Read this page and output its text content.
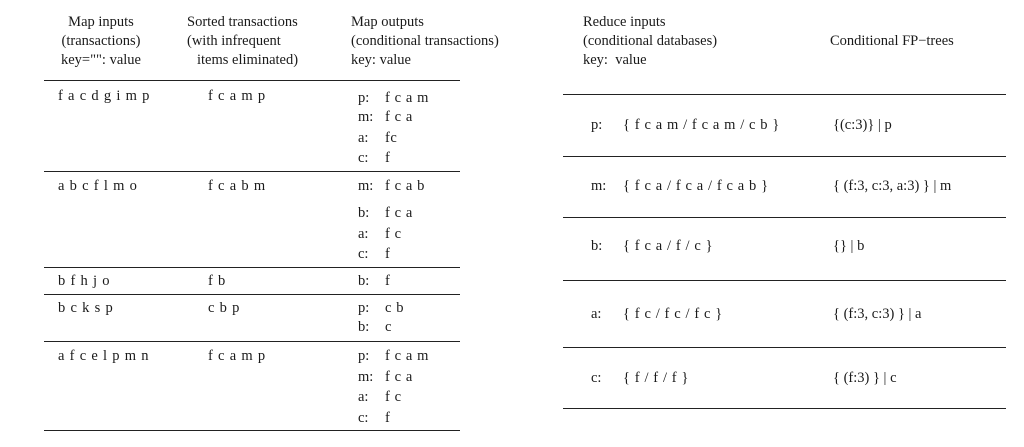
Map inputs
(transactions)
key="": value
Sorted transactions
(with infrequent
items eliminated)
Map outputs
(conditional transactions)
key: value
f a c d g i m p	f c a m p	p: f c a m
m: f c a
a: fc
c: f
a b c f l m o	f c a b m	m: f c a b
b: f c a
a: f c
c: f
b f h j o	f b	b: f
b c k s p	c b p	p: c b
b: c
a f c e l p m n	f c a m p	p: f c a m
m: f c a
a: f c
c: f
Reduce inputs
(conditional databases)
key:  value
Conditional FP−trees
p: { f c a m / f c a m / c b }	{(c:3)} | p
m: { f c a / f c a / f c a b }	{ (f:3, c:3, a:3) } | m
b: { f c a / f / c }	{} | b
a: { f c / f c / f c }	{ (f:3, c:3) } | a
c: { f / f / f }	{ (f:3) } | c
